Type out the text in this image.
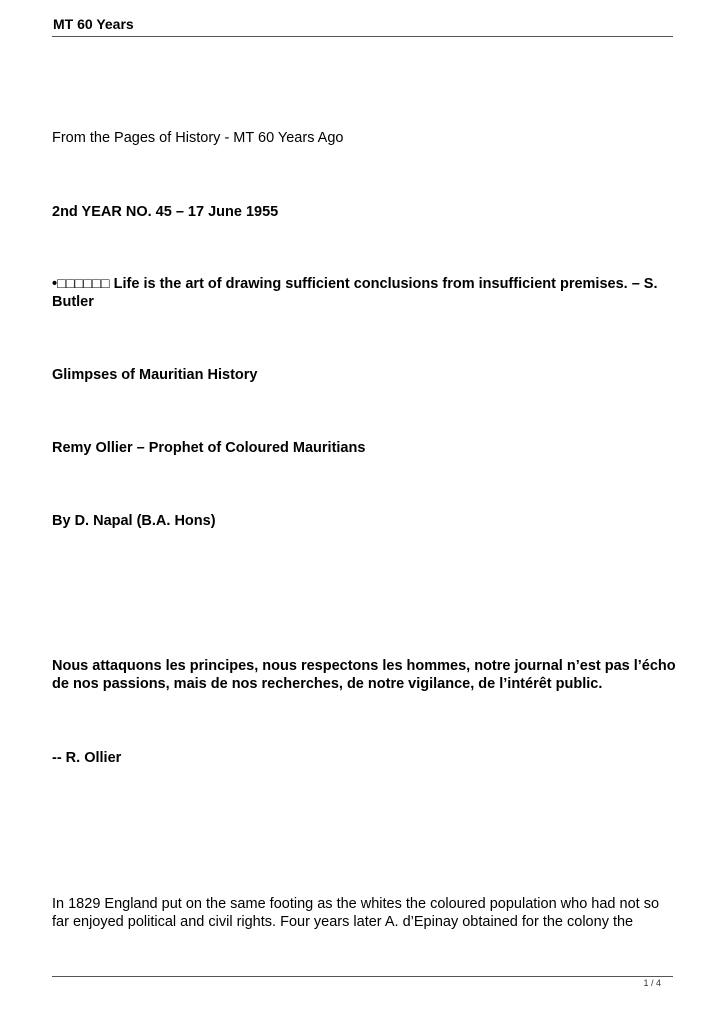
MT 60 Years
From the Pages of History - MT 60 Years Ago
2nd YEAR NO. 45 – 17 June 1955
•□□□□□□ Life is the art of drawing sufficient conclusions from insufficient premises. – S. Butler
Glimpses of Mauritian History
Remy Ollier – Prophet of Coloured Mauritians
By D. Napal (B.A. Hons)
Nous attaquons les principes, nous respectons les hommes, notre journal n’est pas l’écho de nos passions, mais de nos recherches, de notre vigilance, de l’intérêt public.
-- R. Ollier
In 1829 England put on the same footing as the whites the coloured population who had not so far enjoyed political and civil rights. Four years later A. d’Epinay obtained for the colony the
1 / 4
